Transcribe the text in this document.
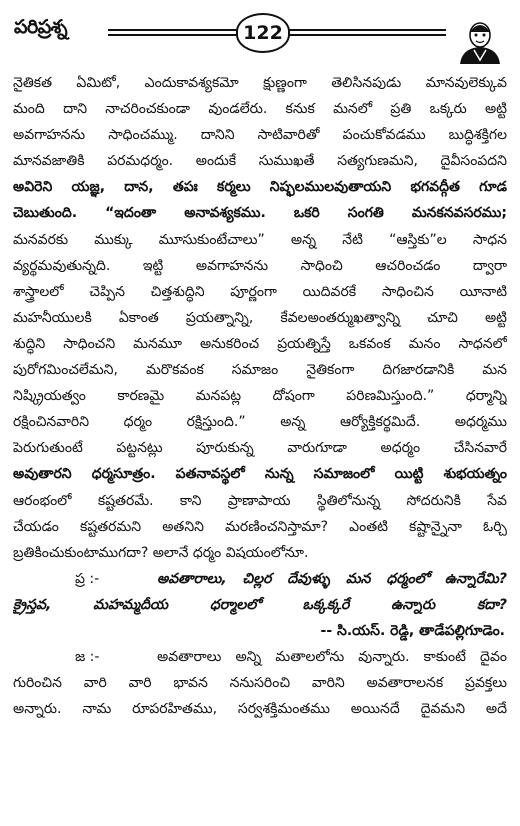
పరిప్రశ్న	122
నైతికత ఏమిటో, ఎందుకావశ్యకమో క్షుణ్ణంగా తెలిసినపుడు మానవులెక్కువ
మంది దాని నాచరించకుండా వుండలేరు. కనుక మనలో ప్రతి ఒక్కరు అట్టి
అవగాహనను సాధించమ్ము. దానిని సాటివారితో పంచుకోవడము బుద్ధిశక్తిగల
మానవజాతికి పరమధర్మం. అందుకే సుముఖతే సత్యగుణమని, దైవీసంపదని
అవిరెని యజ్ఞ, దాన, తపః కర్మలు నిష్ఫలములవుతాయని భగవద్గీత గూడ
చెబుతుంది. “ఇదంతా అనావశ్యకము. ఒకరి సంగతి మనకనవసరము;
మనవరకు ముక్కు మూసుకుంటేచాలు” అన్న నేటి “ఆస్తికు”ల సాధన
వ్యర్థమవుతున్నది. ఇట్టి అవగాహనను సాధించి ఆచరించడం ద్వారా
శాస్త్రాలలో చెప్పిన చిత్తశుద్ధిని పూర్ణంగా యిదివరకే సాధించిన యీనాటి
మహనీయులకి ఏకాంత ప్రయత్నాన్ని, కేవలఅంతర్ముఖత్వాన్ని చూచి అట్టి
శుద్ధిని సాధించని మనమూ అనుకరించ ప్రయత్నిస్తే ఒకవంక మనం సాధనలో
పురోగమించలేమని, మరొకవంక సమాజం నైతికంగా దిగజారడానికి మన
నిష్క్రియత్వం కారణమై మనపట్ల దోషంగా పరిణమిస్తుంది.” ధర్మాన్ని
రక్షించినవారిని ధర్మం రక్షిస్తుంది.” అన్న ఆర్యోక్తికర్థమిదే. అధర్మము
పెరుగుతుంటే పట్టనట్లు పూరుకున్న వారుగూడా అధర్మం చేసినవారే
అవుతారని ధర్మసూత్రం. పతనావస్థలో నున్న సమాజంలో యిట్టి శుభయత్నం
ఆరంభంలో కష్టతరమే. కాని ప్రాణాపాయ స్థితిలోనున్న సోదరునికి సేవ
చేయడం కష్టతరమని అతనిని మరణించనిస్తామా? ఎంతటి కష్టాన్నైనా ఓర్చి
బ్రతికించుకుంటాముగదా? అలానే ధర్మం విషయంలోనూ.
ప్ర :-	అవతారాలు, చిల్లర దేవుళ్ళు మన ధర్మంలో ఉన్నారేమి?
క్రైస్తవ, మహమ్మదీయ ధర్మాలలో ఒక్కక్కరే ఉన్నారు కదా?
-- సి.యస్. రెడ్డి, తాడేపల్లిగూడెం.
జ :-	అవతారాలు అన్ని మతాలలోను వున్నారు. కాకుంటే దైవం
గురించిన వారి వారి భావన ననుసరించి వారిని అవతారాలనక ప్రవక్తలు
అన్నారు. నామ రూపరహితము, సర్వశక్తిమంతము అయినదే దైవమని అదే
